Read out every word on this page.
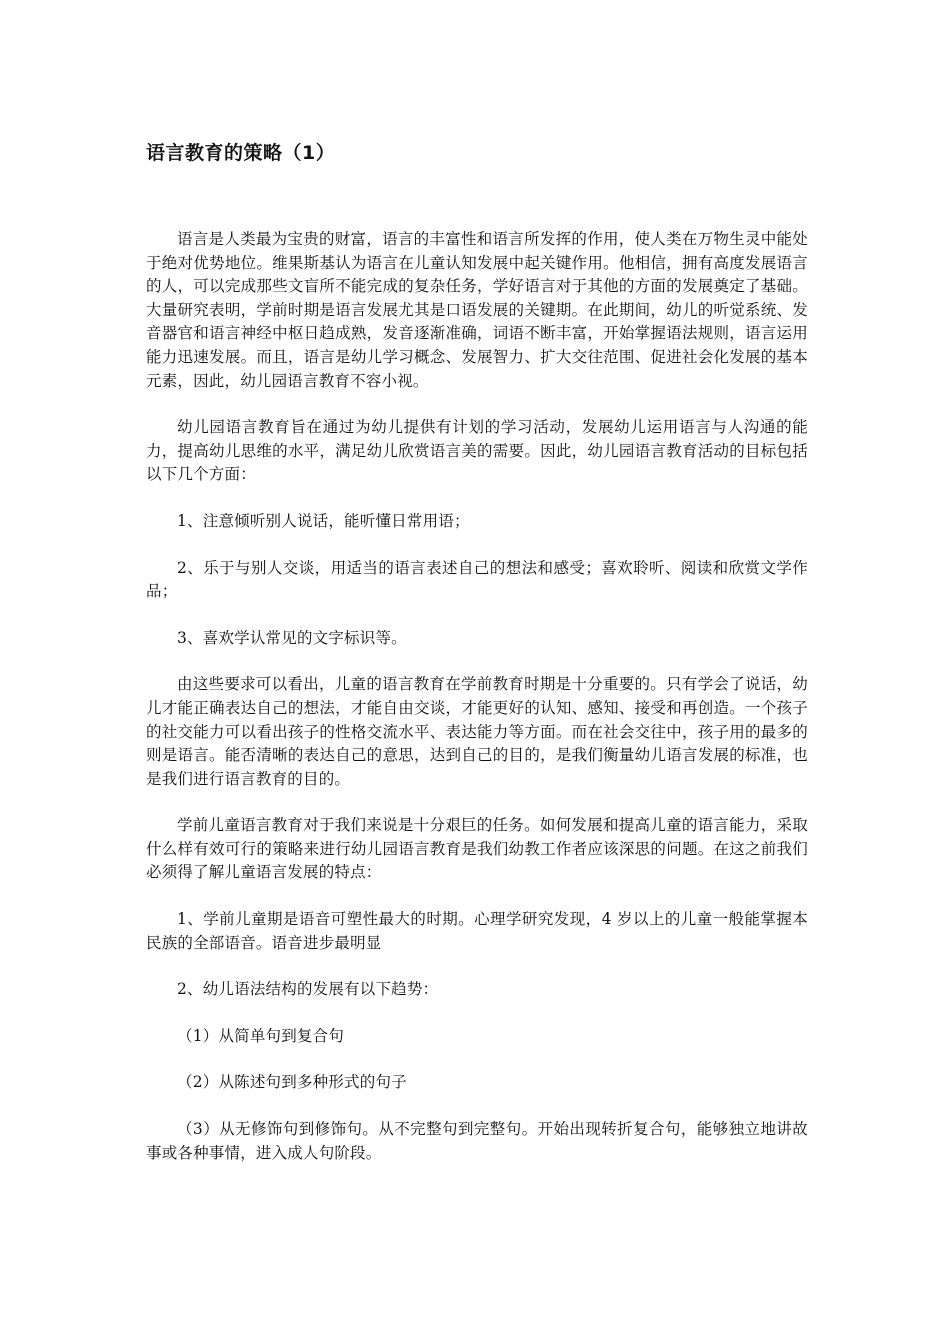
语言教育的策略（1）

语言是人类最为宝贵的财富，语言的丰富性和语言所发挥的作用，使人类在万物生灵中能处于绝对优势地位。维果斯基认为语言在儿童认知发展中起关键作用。他相信，拥有高度发展语言的人，可以完成那些文盲所不能完成的复杂任务，学好语言对于其他的方面的发展奠定了基础。大量研究表明，学前时期是语言发展尤其是口语发展的关键期。在此期间，幼儿的听觉系统、发音器官和语言神经中枢日趋成熟，发音逐渐准确，词语不断丰富，开始掌握语法规则，语言运用能力迅速发展。而且，语言是幼儿学习概念、发展智力、扩大交往范围、促进社会化发展的基本元素，因此，幼儿园语言教育不容小视。

幼儿园语言教育旨在通过为幼儿提供有计划的学习活动，发展幼儿运用语言与人沟通的能力，提高幼儿思维的水平，满足幼儿欣赏语言美的需要。因此，幼儿园语言教育活动的目标包括以下几个方面：

1、注意倾听别人说话，能听懂日常用语；

2、乐于与别人交谈，用适当的语言表述自己的想法和感受；喜欢聆听、阅读和欣赏文学作品；

3、喜欢学认常见的文字标识等。

由这些要求可以看出，儿童的语言教育在学前教育时期是十分重要的。只有学会了说话，幼儿才能正确表达自己的想法，才能自由交谈，才能更好的认知、感知、接受和再创造。一个孩子的社交能力可以看出孩子的性格交流水平、表达能力等方面。而在社会交往中，孩子用的最多的则是语言。能否清晰的表达自己的意思，达到自己的目的，是我们衡量幼儿语言发展的标准，也是我们进行语言教育的目的。

学前儿童语言教育对于我们来说是十分艰巨的任务。如何发展和提高儿童的语言能力，采取什么样有效可行的策略来进行幼儿园语言教育是我们幼教工作者应该深思的问题。在这之前我们必须得了解儿童语言发展的特点：

1、学前儿童期是语音可塑性最大的时期。心理学研究发现，4 岁以上的儿童一般能掌握本民族的全部语音。语音进步最明显

2、幼儿语法结构的发展有以下趋势：

（1）从简单句到复合句

（2）从陈述句到多种形式的句子

（3）从无修饰句到修饰句。从不完整句到完整句。开始出现转折复合句，能够独立地讲故事或各种事情，进入成人句阶段。
